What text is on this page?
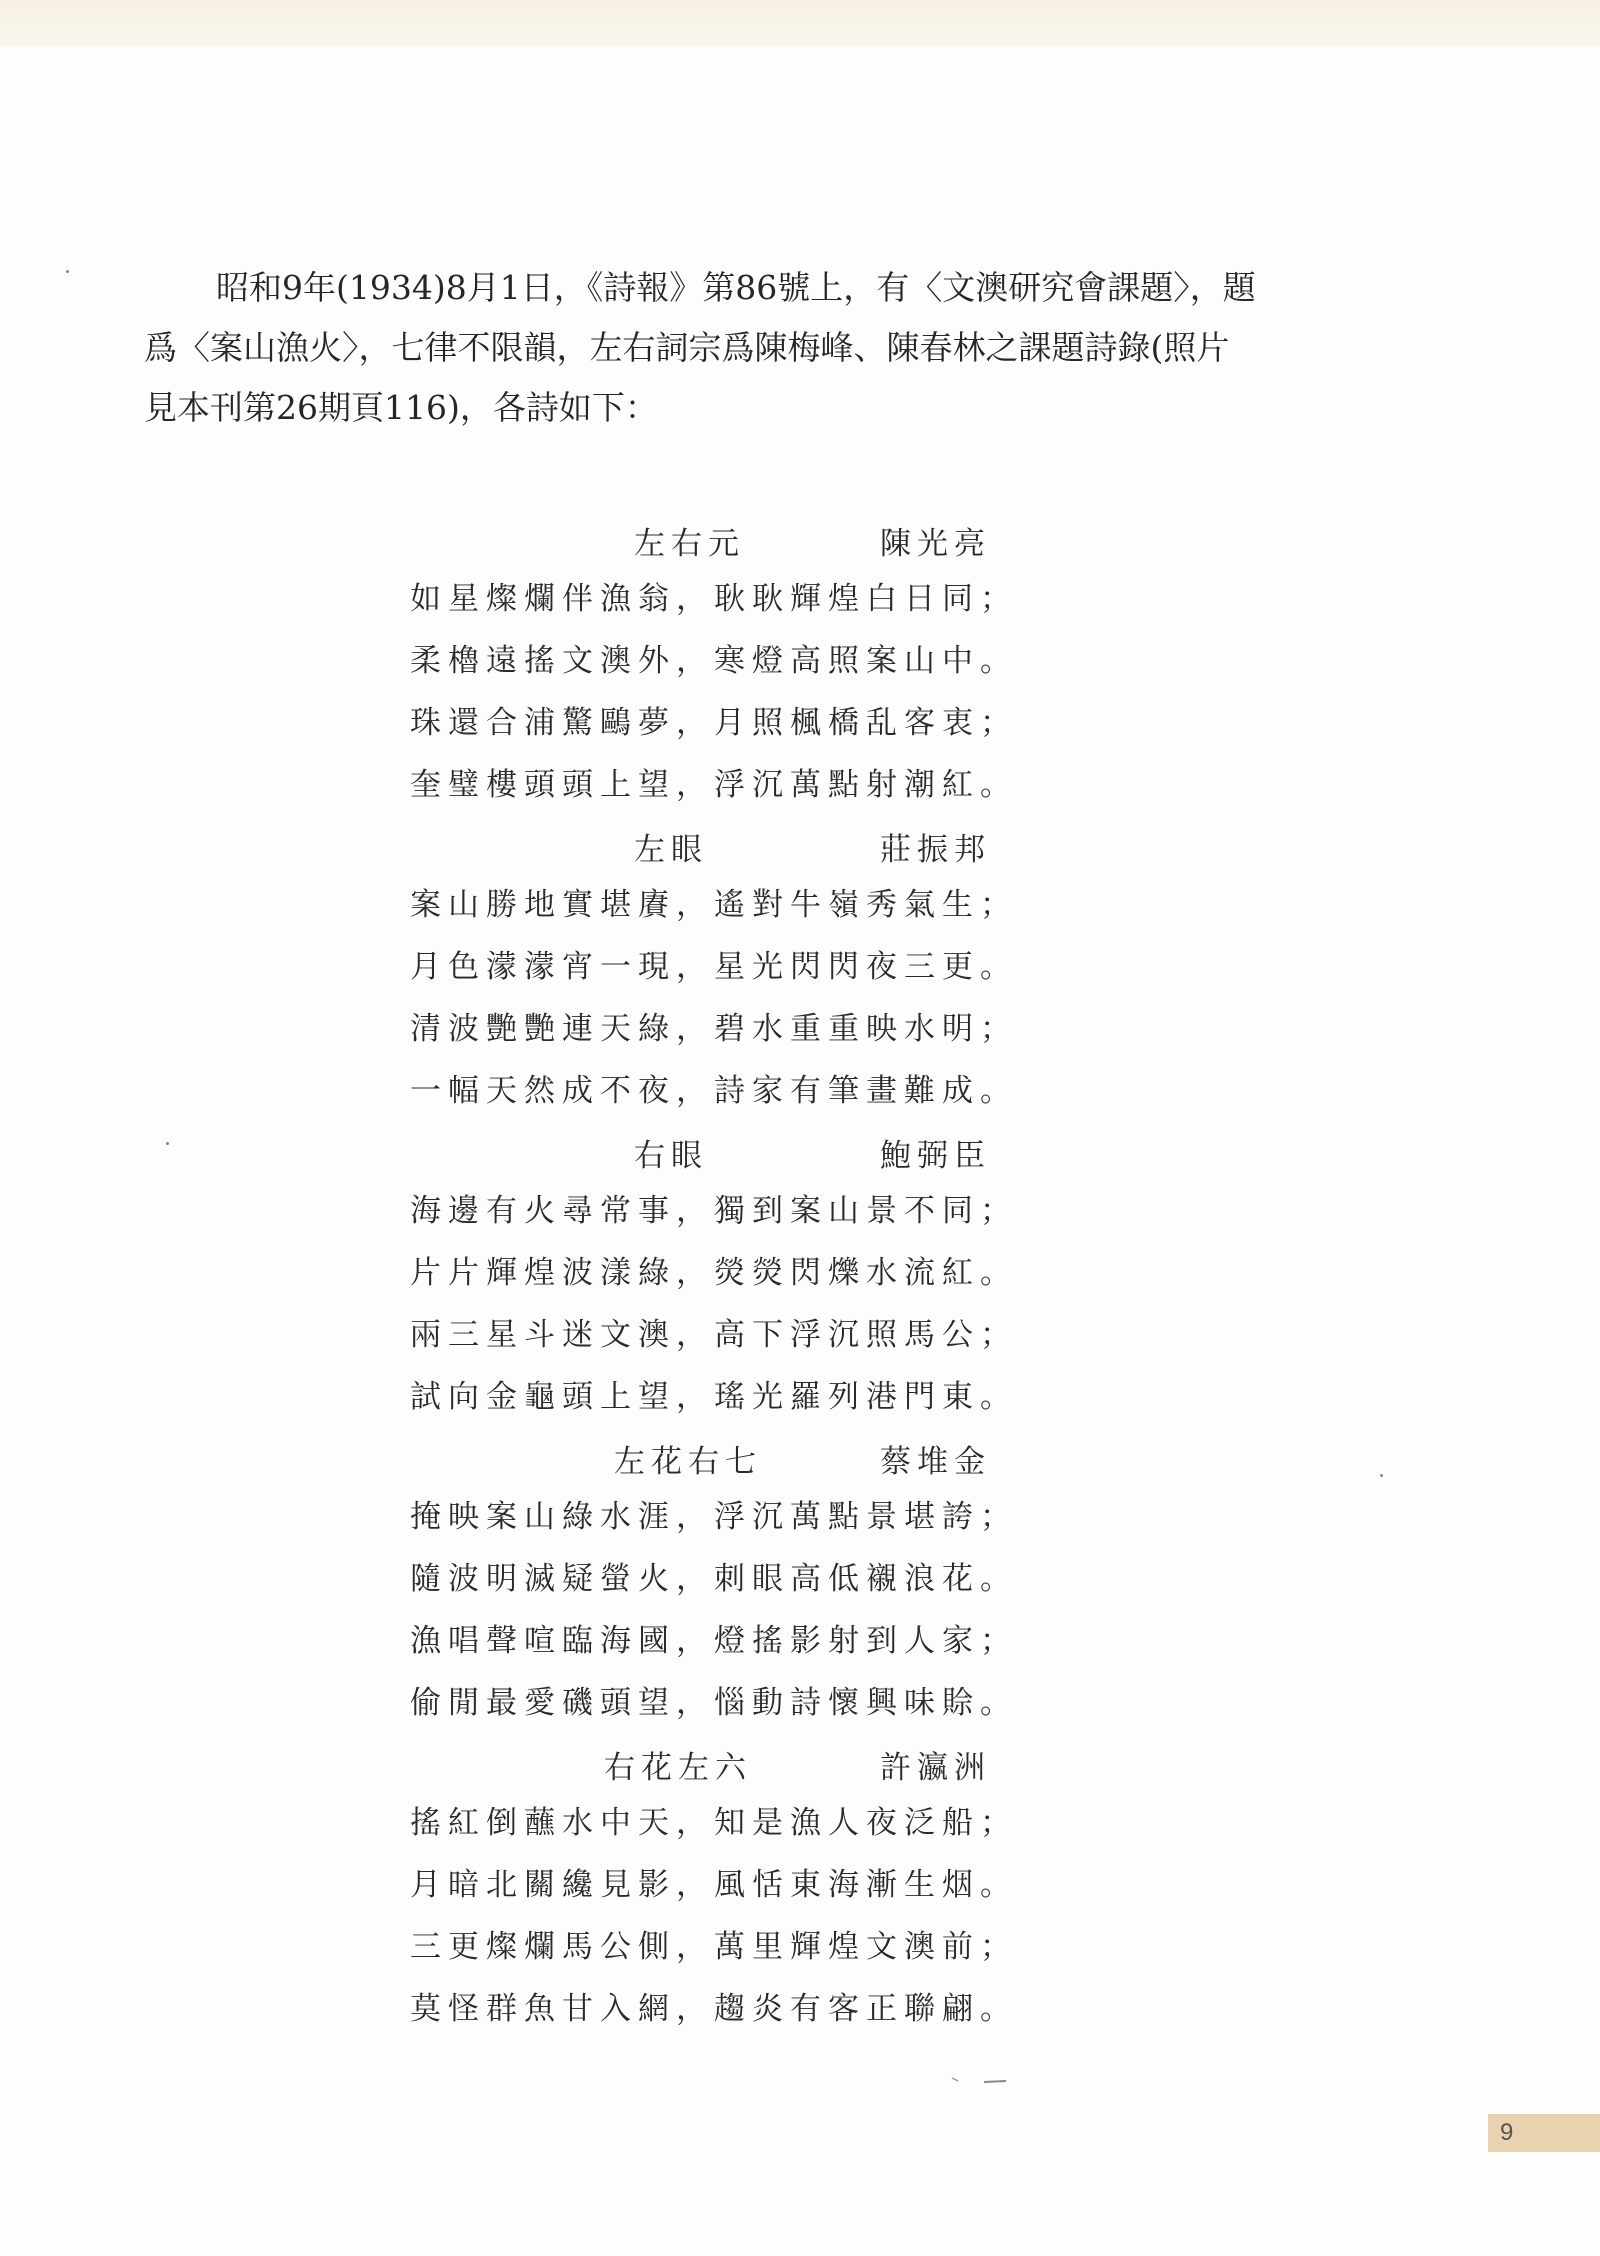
昭和9年(1934)8月1日，《詩報》第86號上，有〈文澳研究會課題〉，題
爲〈案山漁火〉，七律不限韻，左右詞宗爲陳梅峰、陳春林之課題詩錄(照片
見本刊第26期頁116)，各詩如下：
左右元	陳光亮
如星燦爛伴漁翁，耿耿輝煌白日同；
柔櫓遠搖文澳外，寒燈高照案山中。
珠還合浦驚鷗夢，月照楓橋乱客衷；
奎璧樓頭頭上望，浮沉萬點射潮紅。
左眼	莊振邦
案山勝地實堪賡，遙對牛嶺秀氣生；
月色濛濛宵一現，星光閃閃夜三更。
清波艷艷連天綠，碧水重重映水明；
一幅天然成不夜，詩家有筆畫難成。
右眼	鮑弼臣
海邊有火尋常事，獨到案山景不同；
片片輝煌波漾綠，熒熒閃爍水流紅。
兩三星斗迷文澳，高下浮沉照馬公；
試向金龜頭上望，瑤光羅列港門東。
左花右七	蔡堆金
掩映案山綠水涯，浮沉萬點景堪誇；
隨波明滅疑螢火，刺眼高低襯浪花。
漁唱聲喧臨海國，燈搖影射到人家；
偷閒最愛磯頭望，惱動詩懷興味賒。
右花左六	許瀛洲
搖紅倒蘸水中天，知是漁人夜泛船；
月暗北關纔見影，風恬東海漸生烟。
三更燦爛馬公側，萬里輝煌文澳前；
莫怪群魚甘入網，趨炎有客正聯翩。
9
